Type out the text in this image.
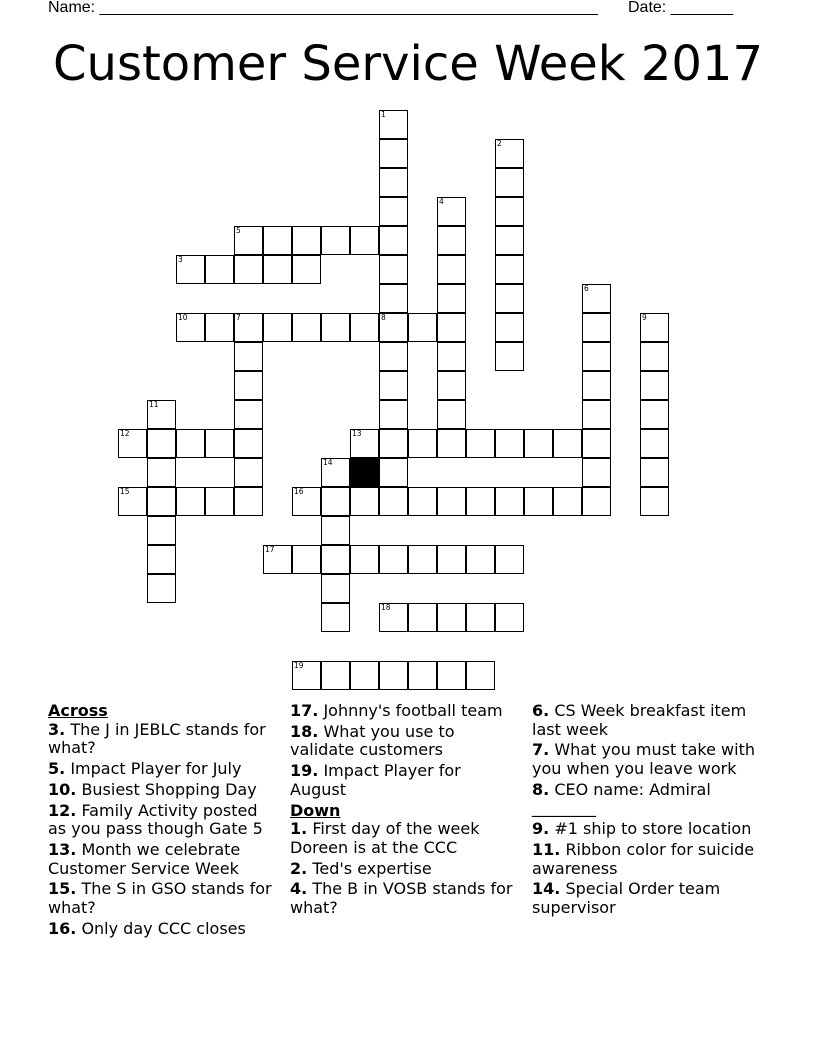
Name: ________________________________________________________ Date: _______
Customer Service Week 2017
3
5
10	7	8
12	13
15	16
17
18
19
1
2
4
6
9
11
14

Across

3. The J in JEBLC stands for what?

5. Impact Player for July

10. Busiest Shopping Day

12. Family Activity posted as you pass though Gate 5

13. Month we celebrate Customer Service Week

15. The S in GSO stands for what?

16. Only day CCC closes

17. Johnny's football team

18. What you use to validate customers

19. Impact Player for August

Down

1. First day of the week Doreen is at the CCC

2. Ted's expertise

4. The B in VOSB stands for what?

6. CS Week breakfast item last week

7. What you must take with you when you leave work

8. CEO name: Admiral ________

9. #1 ship to store location

11. Ribbon color for suicide awareness

14. Special Order team supervisor
